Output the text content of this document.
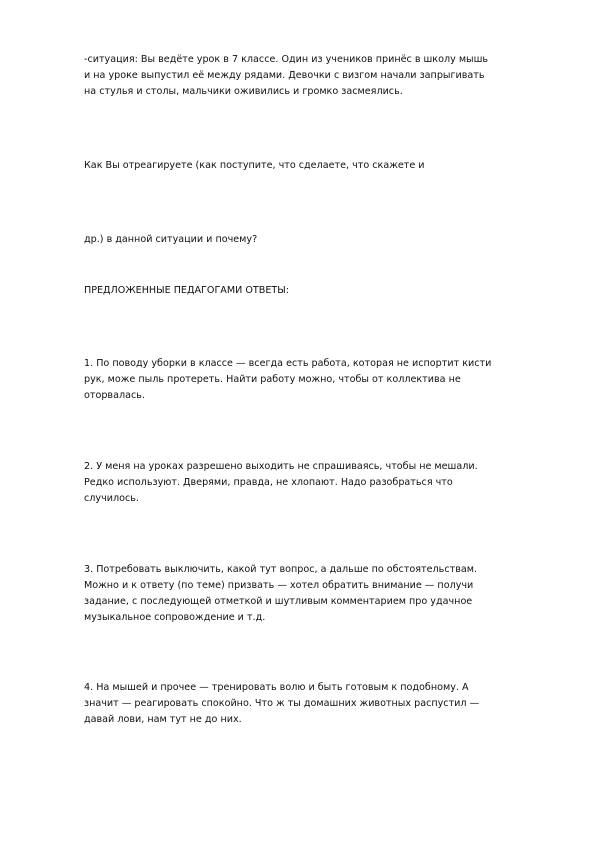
-ситуация: Вы ведёте урок в 7 классе. Один из учеников принёс в школу мышь
и на уроке выпустил её между рядами. Девочки с визгом начали запрыгивать
на стулья и столы, мальчики оживились и громко засмеялись.
Как Вы отреагируете (как поступите, что сделаете, что скажете и
др.) в данной ситуации и почему?
ПРЕДЛОЖЕННЫЕ ПЕДАГОГАМИ ОТВЕТЫ:
1. По поводу уборки в классе — всегда есть работа, которая не испортит кисти
рук, може пыль протереть. Найти работу можно, чтобы от коллектива не
оторвалась.
2. У меня на уроках разрешено выходить не спрашиваясь, чтобы не мешали.
Редко используют. Дверями, правда, не хлопают. Надо разобраться что
случилось.
3. Потребовать выключить, какой тут вопрос, а дальше по обстоятельствам.
Можно и к ответу (по теме) призвать — хотел обратить внимание — получи
задание, с последующей отметкой и шутливым комментарием про удачное
музыкальное сопровождение и т.д.
4. На мышей и прочее — тренировать волю и быть готовым к подобному. А
значит — реагировать спокойно. Что ж ты домашних животных распустил —
давай лови, нам тут не до них.
